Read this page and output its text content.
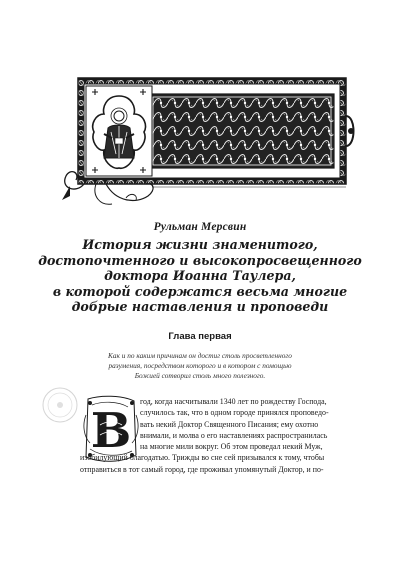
Рульман Мерсвин
История жизни знаменитого,
достопочтенного и высокопросвещенного
доктора Иоанна Таулера,
в которой содержатся весьма многие
добрые наставления и проповеди
Глава первая
Как и по каким причинам он достиг столь просветленного
разумения, посредством которого и в котором с помощью
Божией сотворил столь много полезного.
В
год, когда насчитывали 1340 лет по рождеству Господа,
случилось так, что в одном городе принялся проповедо-
вать некий Доктор Священного Писания; ему охотно
внимали, и молва о его наставлениях распространилась
на многие мили вокруг. Об этом проведал некий Муж,
изобилующий благодатью. Трижды во сне сей призывался к тому, чтобы
отправиться в тот самый город, где проживал упомянутый Доктор, и по-
